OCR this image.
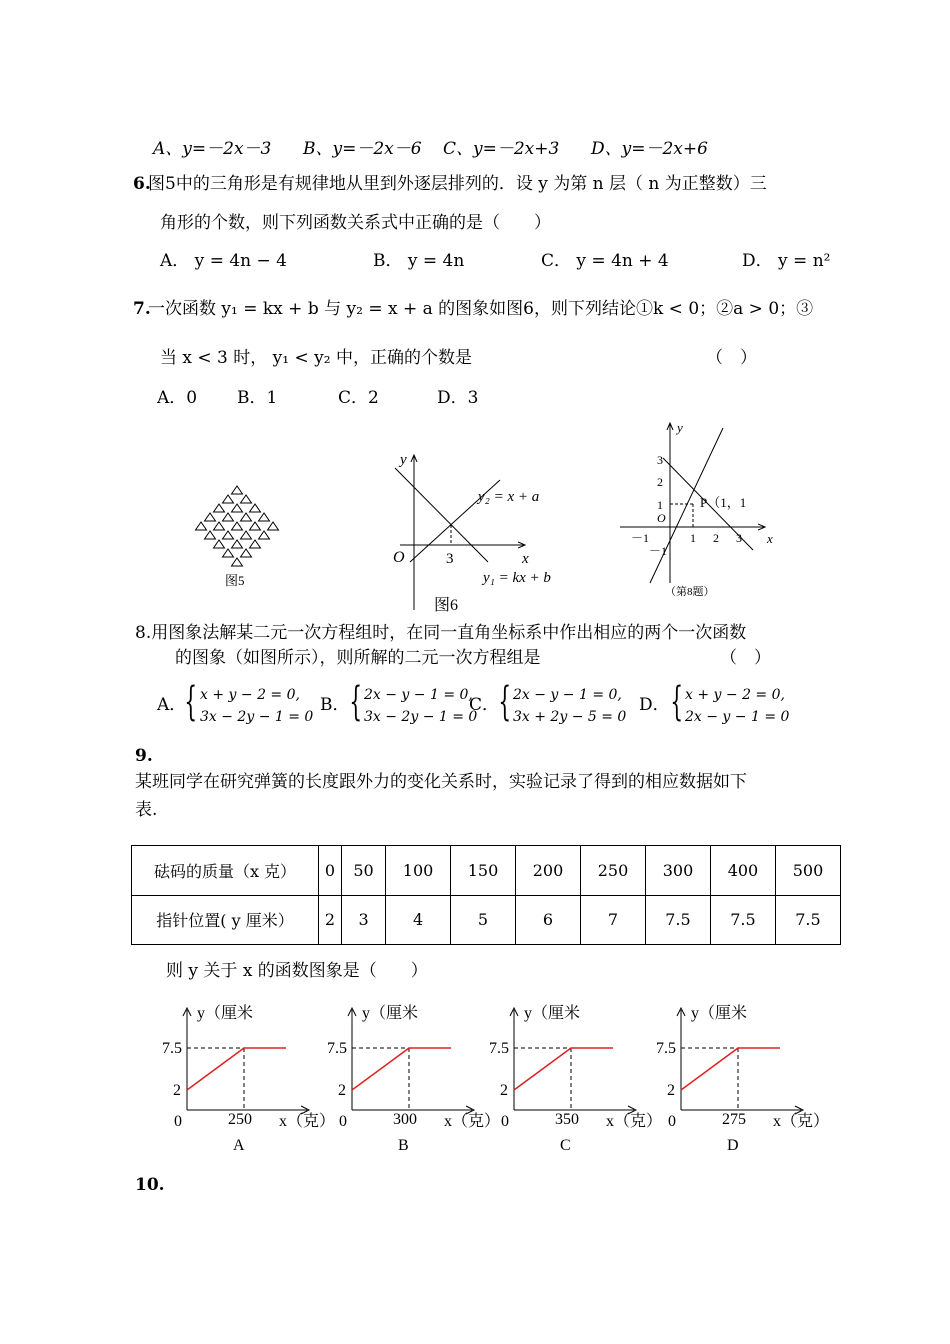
A、y=－2x－3 B、y=－2x－6 C、y=－2x+3 D、y=－2x+6
6.
图5中的三角形是有规律地从里到外逐层排列的．设 y 为第 n 层（ n 为正整数）三
角形的个数，则下列函数关系式中正确的是（　　）
A． y = 4n − 4	B． y = 4n	C． y = 4n + 4	D． y = n²
7.
一次函数 y₁ = kx + b 与 y₂ = x + a 的图象如图6，则下列结论①k < 0；②a > 0；③
当 x < 3 时， y₁ < y₂ 中，正确的个数是	（　）
A．0 B．1	C．2	D．3
图5
O	3
y
x
y₂ = x + a
y₁ = kx + b
图6
3
2
1
－1
－1	1 2 3
O
y
x
P（1，1
（第8题）
8.用图象法解某二元一次方程组时，在同一直角坐标系中作出相应的两个一次函数
的图象（如图所示），则所解的二元一次方程组是	（　）
A．
{ x + y − 2 = 0,
3x − 2y − 1 = 0
B． { 2x − y − 1 = 0,
3x − 2y − 1 = 0
C． { 2x − y − 1 = 0,
3x + 2y − 5 = 0
D． { x + y − 2 = 0,
2x − y − 1 = 0
9.
某班同学在研究弹簧的长度跟外力的变化关系时，实验记录了得到的相应数据如下
表.
砝码的质量（x 克）	0	50	100	150	200	250	300	400	500
指针位置( y 厘米）	2	3	4	5	6	7	7.5	7.5	7.5
则 y 关于 x 的函数图象是（　　）
y（厘米
7.5
2
0	250 x（克）
A
y（厘米
7.5
2
0	300 x（克）
B
y（厘米
7.5
2
0	350 x（克）
C
y（厘米
7.5
2
0	275 x（克）
D
10.
